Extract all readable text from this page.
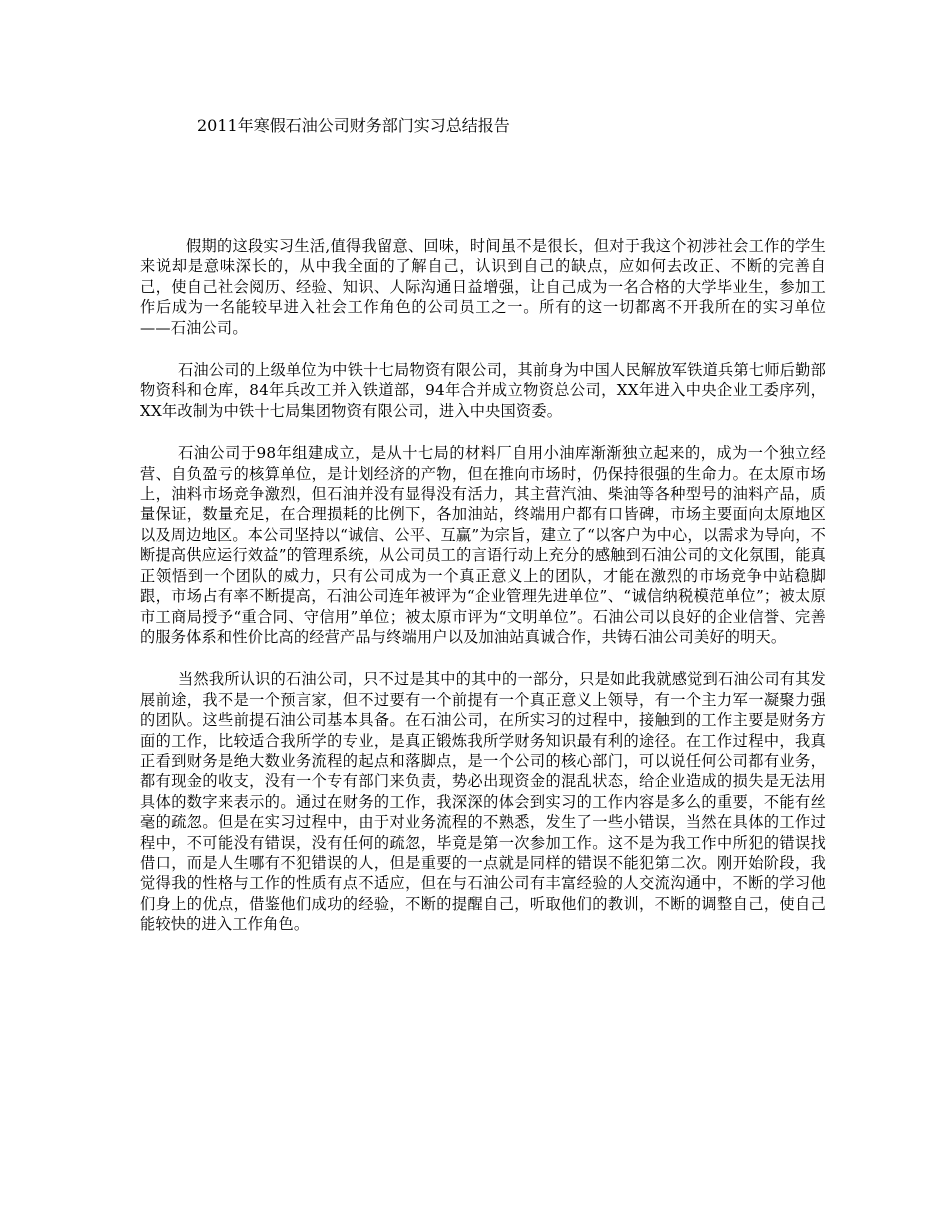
2011年寒假石油公司财务部门实习总结报告

假期的这段实习生活,值得我留意、回味，时间虽不是很长，但对于我这个初涉社会工作的学生来说却是意味深长的，从中我全面的了解自己，认识到自己的缺点，应如何去改正、不断的完善自己，使自己社会阅历、经验、知识、人际沟通日益增强，让自己成为一名合格的大学毕业生，参加工作后成为一名能较早进入社会工作角色的公司员工之一。所有的这一切都离不开我所在的实习单位——石油公司。

石油公司的上级单位为中铁十七局物资有限公司，其前身为中国人民解放军铁道兵第七师后勤部物资科和仓库，84年兵改工并入铁道部，94年合并成立物资总公司，XX年进入中央企业工委序列，XX年改制为中铁十七局集团物资有限公司，进入中央国资委。

石油公司于98年组建成立，是从十七局的材料厂自用小油库渐渐独立起来的，成为一个独立经营、自负盈亏的核算单位，是计划经济的产物，但在推向市场时，仍保持很强的生命力。在太原市场上，油料市场竞争激烈，但石油并没有显得没有活力，其主营汽油、柴油等各种型号的油料产品，质量保证，数量充足，在合理损耗的比例下，各加油站，终端用户都有口皆碑，市场主要面向太原地区以及周边地区。本公司坚持以“诚信、公平、互赢”为宗旨，建立了“以客户为中心，以需求为导向，不断提高供应运行效益”的管理系统，从公司员工的言语行动上充分的感触到石油公司的文化氛围，能真正领悟到一个团队的威力，只有公司成为一个真正意义上的团队，才能在激烈的市场竞争中站稳脚跟，市场占有率不断提高，石油公司连年被评为“企业管理先进单位”、“诚信纳税模范单位”；被太原市工商局授予“重合同、守信用”单位；被太原市评为“文明单位”。石油公司以良好的企业信誉、完善的服务体系和性价比高的经营产品与终端用户以及加油站真诚合作，共铸石油公司美好的明天。

当然我所认识的石油公司，只不过是其中的其中的一部分，只是如此我就感觉到石油公司有其发展前途，我不是一个预言家，但不过要有一个前提有一个真正意义上领导，有一个主力军一凝聚力强的团队。这些前提石油公司基本具备。在石油公司，在所实习的过程中，接触到的工作主要是财务方面的工作，比较适合我所学的专业，是真正锻炼我所学财务知识最有利的途径。在工作过程中，我真正看到财务是绝大数业务流程的起点和落脚点，是一个公司的核心部门，可以说任何公司都有业务，都有现金的收支，没有一个专有部门来负责，势必出现资金的混乱状态，给企业造成的损失是无法用具体的数字来表示的。通过在财务的工作，我深深的体会到实习的工作内容是多么的重要，不能有丝毫的疏忽。但是在实习过程中，由于对业务流程的不熟悉，发生了一些小错误，当然在具体的工作过程中，不可能没有错误，没有任何的疏忽，毕竟是第一次参加工作。这不是为我工作中所犯的错误找借口，而是人生哪有不犯错误的人，但是重要的一点就是同样的错误不能犯第二次。刚开始阶段，我觉得我的性格与工作的性质有点不适应，但在与石油公司有丰富经验的人交流沟通中，不断的学习他们身上的优点，借鉴他们成功的经验，不断的提醒自己，听取他们的教训，不断的调整自己，使自己能较快的进入工作角色。
